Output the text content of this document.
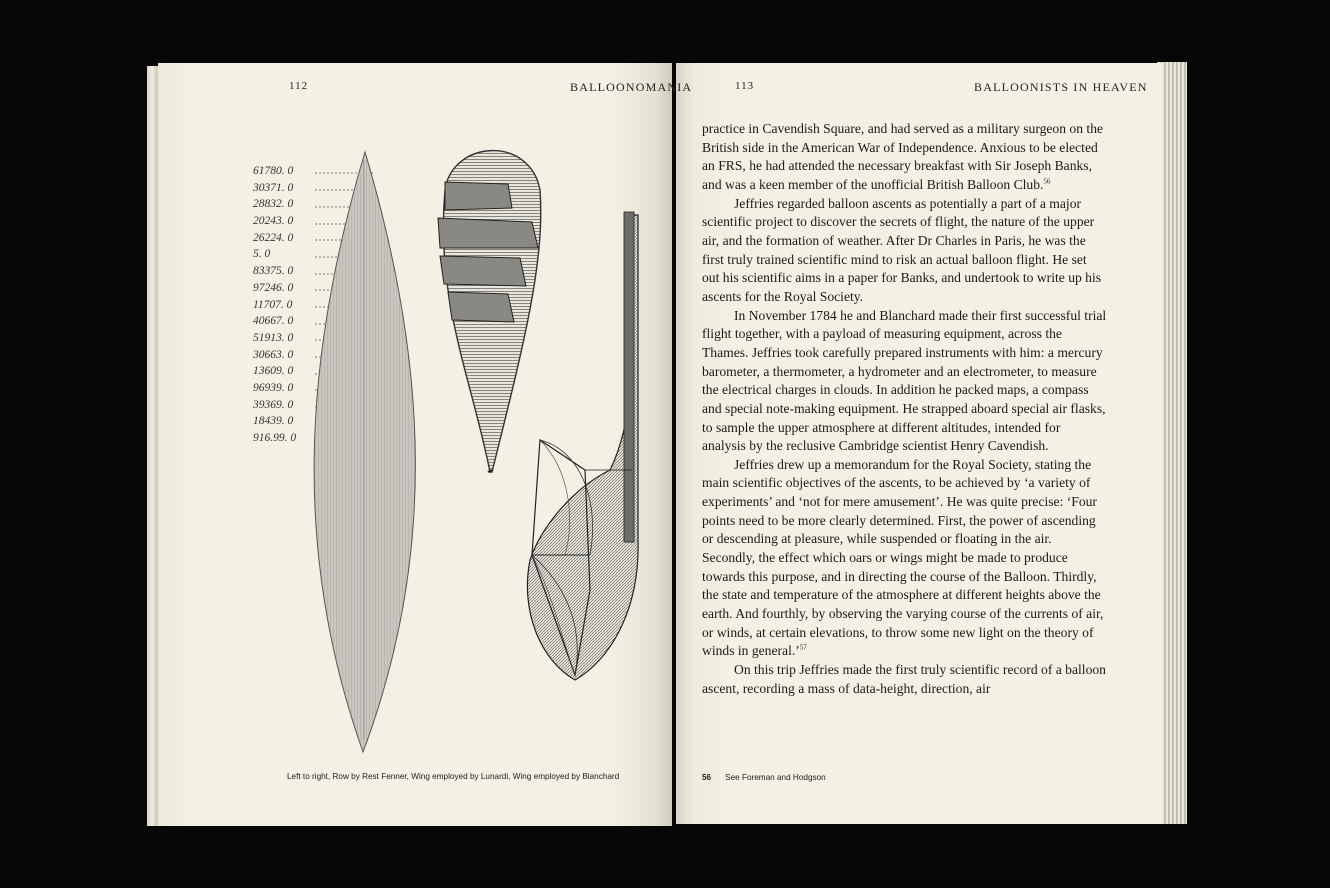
112	BALLOONOMANIA
61780. 0
30371. 0
28832. 0
20243. 0
26224. 0
5. 0
83375. 0
97246. 0
11707. 0
40667. 0
51913. 0
30663. 0
13609. 0
96939. 0
39369. 0
18439. 0
916.99. 0
Left to right, Row by Rest Fenner, Wing employed by Lunardi, Wing employed by Blanchard
113	BALLOONISTS IN HEAVEN

practice in Cavendish Square, and had served as a military surgeon on the British side in the American War of Independence. Anxious to be elected an FRS, he had attended the necessary breakfast with Sir Joseph Banks, and was a keen member of the unofficial British Balloon Club.$^{56}$

Jeffries regarded balloon ascents as potentially a part of a major scientific project to discover the secrets of flight, the nature of the upper air, and the formation of weather. After Dr Charles in Paris, he was the first truly trained scientific mind to risk an actual balloon flight. He set out his scientific aims in a paper for Banks, and undertook to write up his ascents for the Royal Society.

In November 1784 he and Blanchard made their first successful trial flight together, with a payload of measuring equipment, across the Thames. Jeffries took carefully prepared instruments with him: a mercury barometer, a thermometer, a hydrometer and an electrometer, to measure the electrical charges in clouds. In addition he packed maps, a compass and special note-making equipment. He strapped aboard special air flasks, to sample the upper atmosphere at different altitudes, intended for analysis by the reclusive Cambridge scientist Henry Cavendish.

Jeffries drew up a memorandum for the Royal Society, stating the main scientific objectives of the ascents, to be achieved by ‘a variety of experiments’ and ‘not for mere amusement’. He was quite precise: ‘Four points need to be more clearly determined. First, the power of ascending or descending at pleasure, while suspended or floating in the air. Secondly, the effect which oars or wings might be made to produce towards this purpose, and in directing the course of the Balloon. Thirdly, the state and temperature of the atmosphere at different heights above the earth. And fourthly, by observing the varying course of the currents of air, or winds, at certain elevations, to throw some new light on the theory of winds in general.’$^{57}$

On this trip Jeffries made the first truly scientific record of a balloon ascent, recording a mass of data-height, direction, air

56 See Foreman and Hodgson
